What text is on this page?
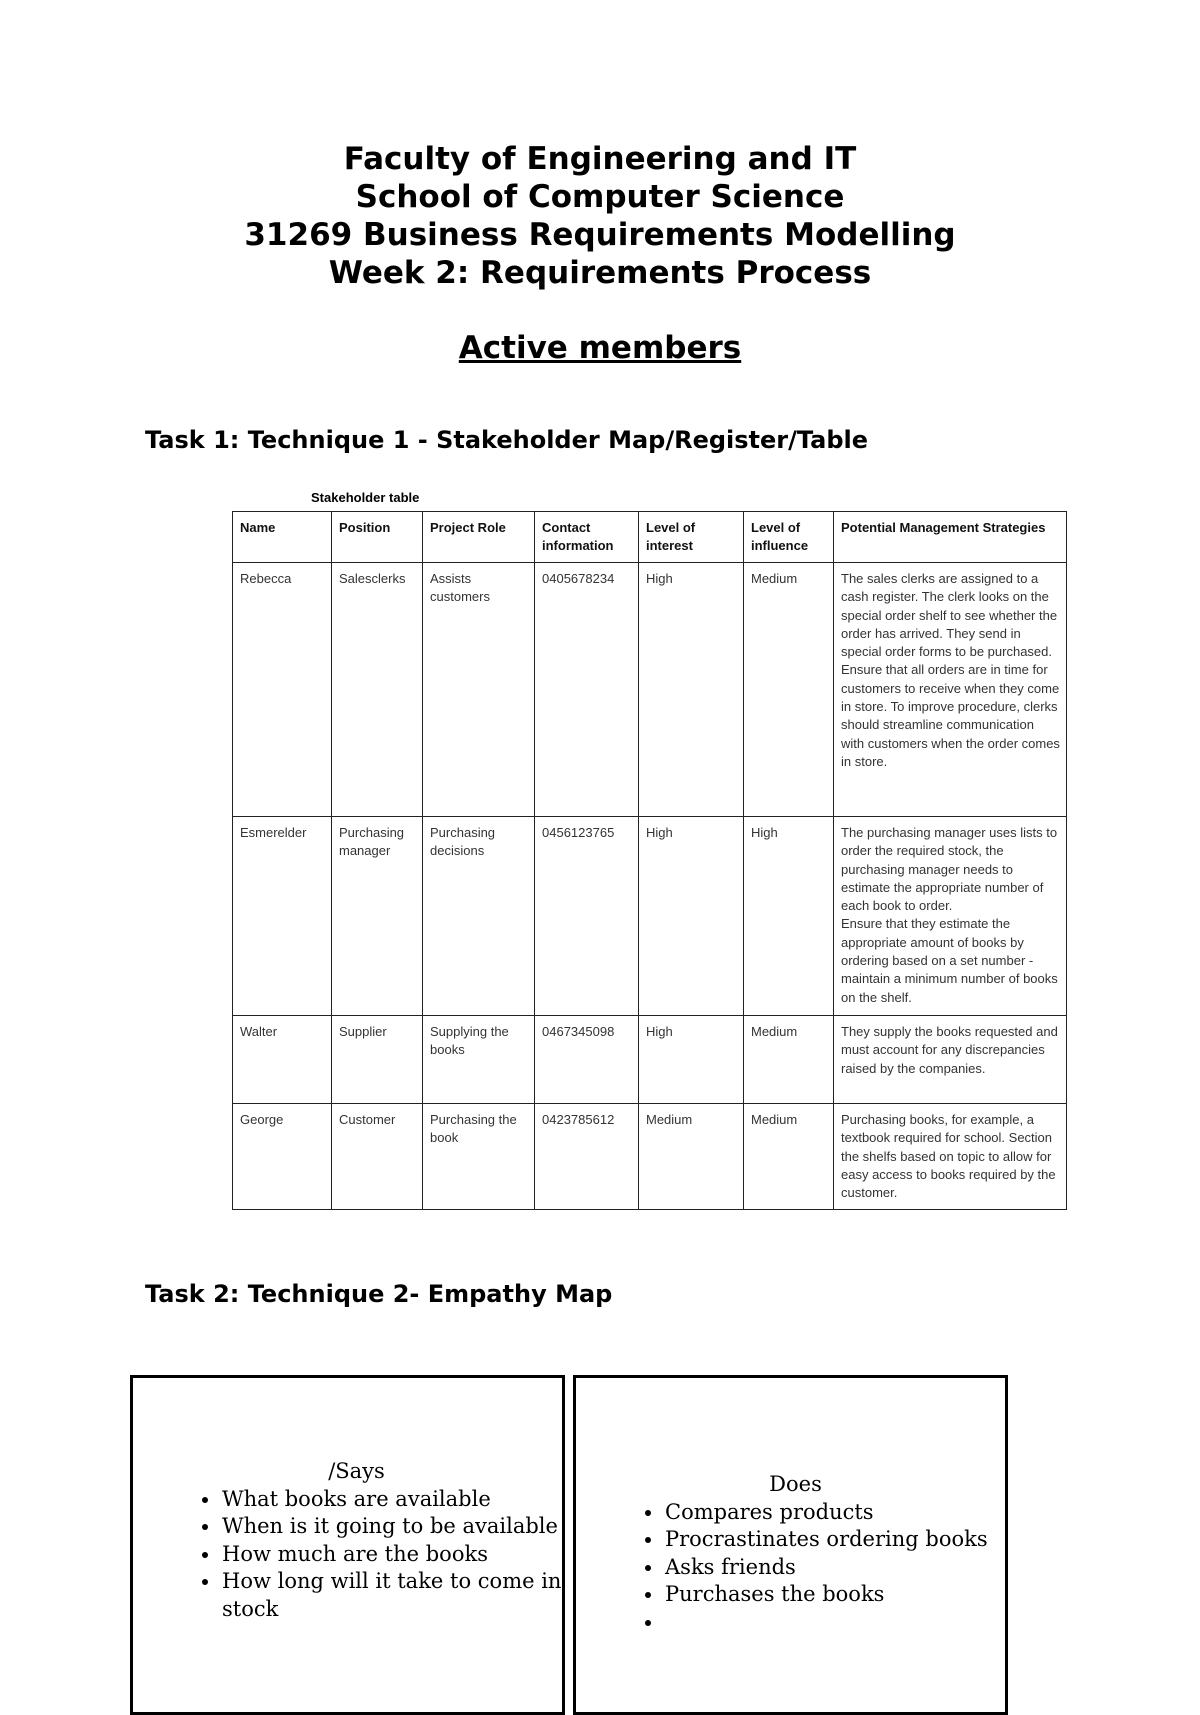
Faculty of Engineering and IT
School of Computer Science
31269 Business Requirements Modelling
Week 2: Requirements Process
Active members
Task 1: Technique 1 - Stakeholder Map/Register/Table
Stakeholder table
Name	Position	Project Role	Contact information	Level of interest	Level of influence	Potential Management Strategies
Rebecca	Salesclerks	Assists customers	0405678234	High	Medium	The sales clerks are assigned to a cash register. The clerk looks on the special order shelf to see whether the order has arrived. They send in special order forms to be purchased.
Ensure that all orders are in time for customers to receive when they come in store. To improve procedure, clerks should streamline communication with customers when the order comes in store.

Esmerelder	Purchasing manager	Purchasing decisions	0456123765	High	High	The purchasing manager uses lists to order the required stock, the purchasing manager needs to estimate the appropriate number of each book to order.
Ensure that they estimate the appropriate amount of books by ordering based on a set number - maintain a minimum number of books on the shelf.

Walter	Supplier	Supplying the books	0467345098	High	Medium	They supply the books requested and must account for any discrepancies raised by the companies.

George	Customer	Purchasing the book	0423785612	Medium	Medium	Purchasing books, for example, a textbook required for school. Section the shelfs based on topic to allow for easy access to books required by the customer.
Task 2: Technique 2- Empathy Map
/Says
• What books are available
• When is it going to be available
• How much are the books
• How long will it take to come in stock
Does
• Compares products
• Procrastinates ordering books
• Asks friends
• Purchases the books
•
